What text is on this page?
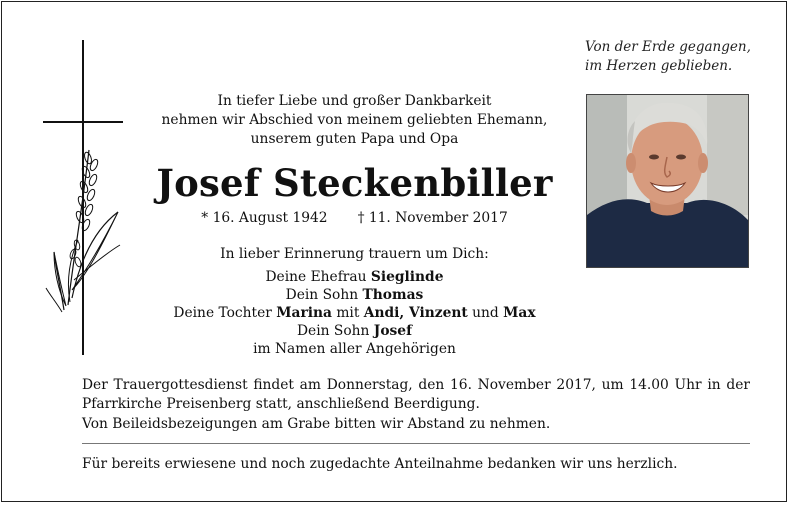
Von der Erde gegangen,
im Herzen geblieben.
In tiefer Liebe und großer Dankbarkeit
nehmen wir Abschied von meinem geliebten Ehemann,
unserem guten Papa und Opa
Josef Steckenbiller
* 16. August 1942 † 11. November 2017
In lieber Erinnerung trauern um Dich:
Deine Ehefrau Sieglinde
Dein Sohn Thomas
Deine Tochter Marina mit Andi, Vinzent und Max
Dein Sohn Josef
im Namen aller Angehörigen
Der Trauergottesdienst findet am Donnerstag, den 16. November 2017, um 14.00 Uhr in der Pfarrkirche Preisenberg statt, anschließend Beerdigung.
Von Beileidsbezeigungen am Grabe bitten wir Abstand zu nehmen.
Für bereits erwiesene und noch zugedachte Anteilnahme bedanken wir uns herzlich.
